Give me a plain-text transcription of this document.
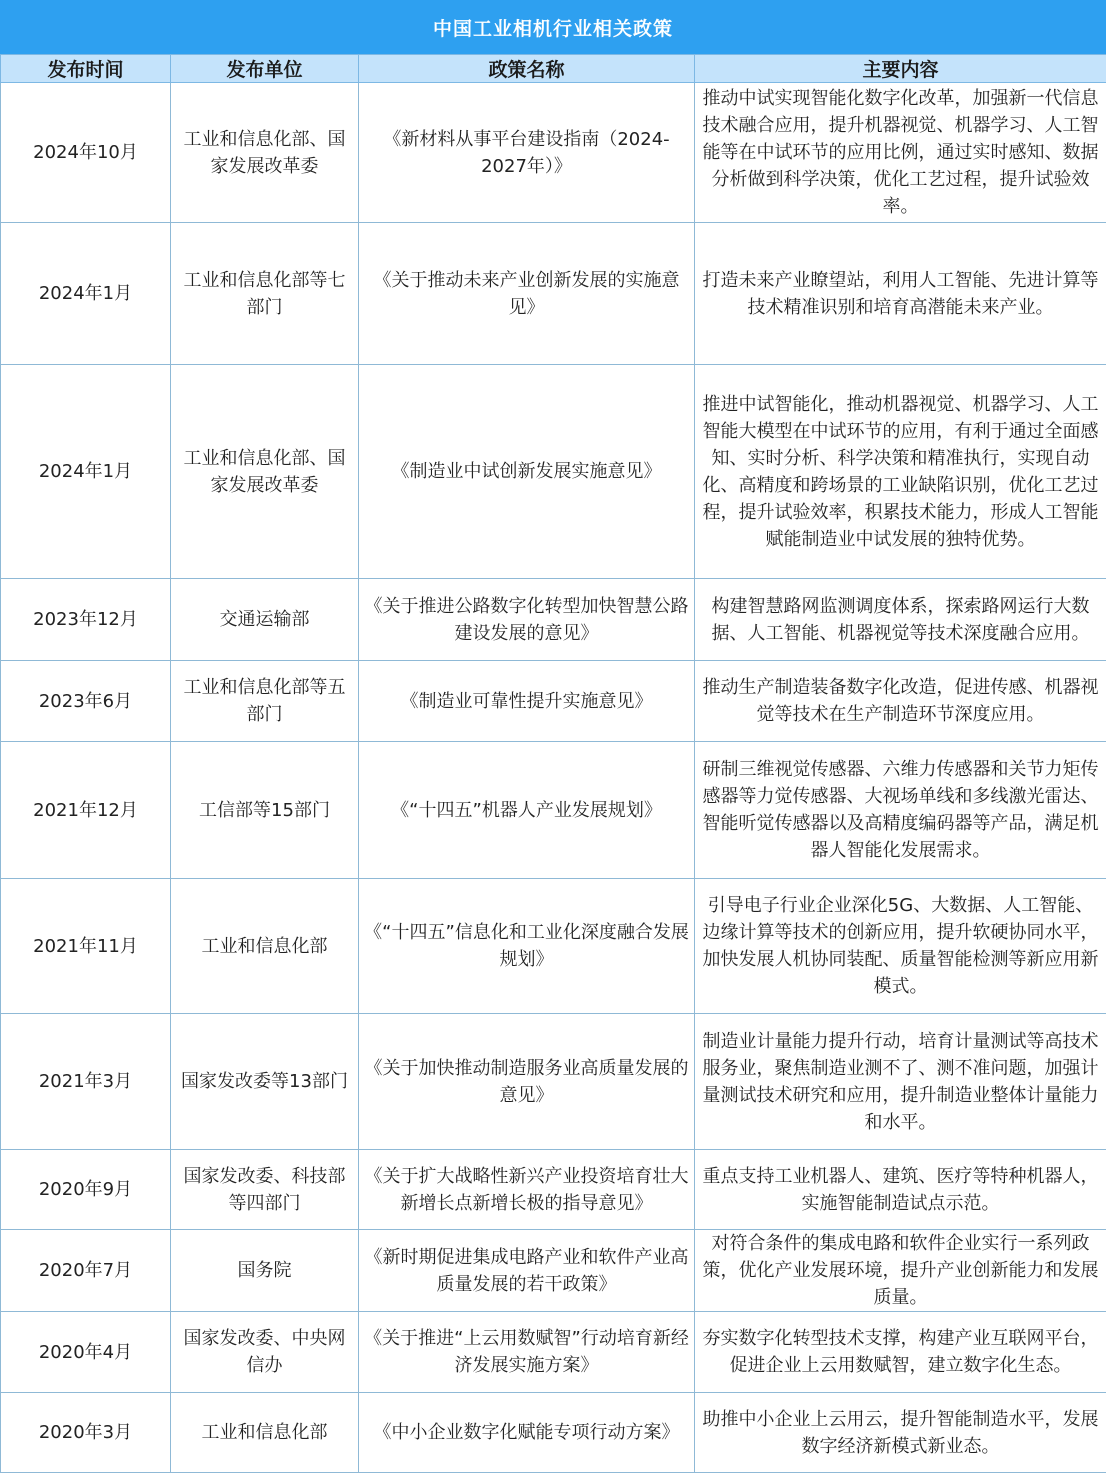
中国工业相机行业相关政策
发布时间	发布单位	政策名称	主要内容
2024年10月	工业和信息化部、国家发展改革委	《新材料从事平台建设指南（2024-2027年）》	推动中试实现智能化数字化改革，加强新一代信息技术融合应用，提升机器视觉、机器学习、人工智能等在中试环节的应用比例，通过实时感知、数据分析做到科学决策，优化工艺过程，提升试验效率。
2024年1月	工业和信息化部等七部门	《关于推动未来产业创新发展的实施意见》	打造未来产业瞭望站，利用人工智能、先进计算等技术精准识别和培育高潜能未来产业。
2024年1月	工业和信息化部、国家发展改革委	《制造业中试创新发展实施意见》	推进中试智能化，推动机器视觉、机器学习、人工智能大模型在中试环节的应用，有利于通过全面感知、实时分析、科学决策和精准执行，实现自动化、高精度和跨场景的工业缺陷识别，优化工艺过程，提升试验效率，积累技术能力，形成人工智能赋能制造业中试发展的独特优势。
2023年12月	交通运输部	《关于推进公路数字化转型加快智慧公路建设发展的意见》	构建智慧路网监测调度体系，探索路网运行大数据、人工智能、机器视觉等技术深度融合应用。
2023年6月	工业和信息化部等五部门	《制造业可靠性提升实施意见》	推动生产制造装备数字化改造，促进传感、机器视觉等技术在生产制造环节深度应用。
2021年12月	工信部等15部门	《“十四五”机器人产业发展规划》	研制三维视觉传感器、六维力传感器和关节力矩传感器等力觉传感器、大视场单线和多线激光雷达、智能听觉传感器以及高精度编码器等产品，满足机器人智能化发展需求。
2021年11月	工业和信息化部	《“十四五”信息化和工业化深度融合发展规划》	引导电子行业企业深化5G、大数据、人工智能、边缘计算等技术的创新应用，提升软硬协同水平，加快发展人机协同装配、质量智能检测等新应用新模式。
2021年3月	国家发改委等13部门	《关于加快推动制造服务业高质量发展的意见》	制造业计量能力提升行动，培育计量测试等高技术服务业，聚焦制造业测不了、测不准问题，加强计量测试技术研究和应用，提升制造业整体计量能力和水平。
2020年9月	国家发改委、科技部等四部门	《关于扩大战略性新兴产业投资培育壮大新增长点新增长极的指导意见》	重点支持工业机器人、建筑、医疗等特种机器人，实施智能制造试点示范。
2020年7月	国务院	《新时期促进集成电路产业和软件产业高质量发展的若干政策》	对符合条件的集成电路和软件企业实行一系列政策，优化产业发展环境，提升产业创新能力和发展质量。
2020年4月	国家发改委、中央网信办	《关于推进“上云用数赋智”行动培育新经济发展实施方案》	夯实数字化转型技术支撑，构建产业互联网平台，促进企业上云用数赋智，建立数字化生态。
2020年3月	工业和信息化部	《中小企业数字化赋能专项行动方案》	助推中小企业上云用云，提升智能制造水平，发展数字经济新模式新业态。
